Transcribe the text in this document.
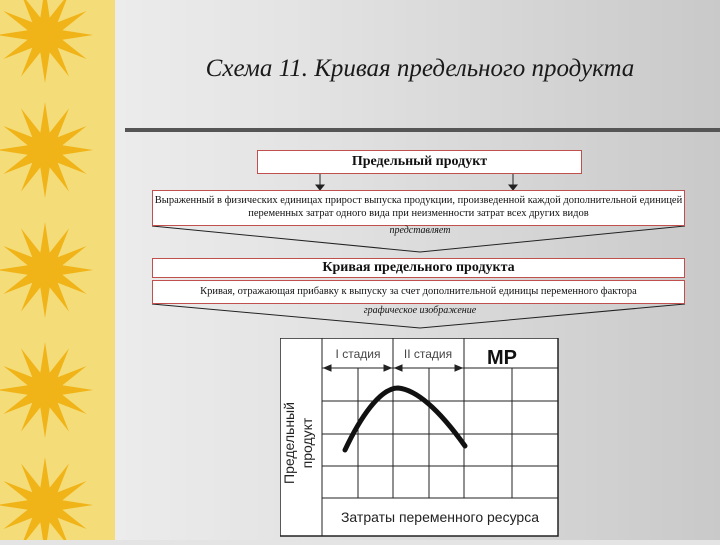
Схема 11. Кривая предельного продукта
Предельный продукт
Выраженный в физических единицах прирост выпуска продукции, произведенной каждой дополнительной единицей переменных затрат одного вида при неизменности затрат всех других видов
представляет
Кривая предельного продукта
Кривая, отражающая прибавку к выпуску за счет дополнительной единицы переменного фактора
графическое изображение
I стадия II стадия MP
Предельный продукт
Затраты переменного ресурса
